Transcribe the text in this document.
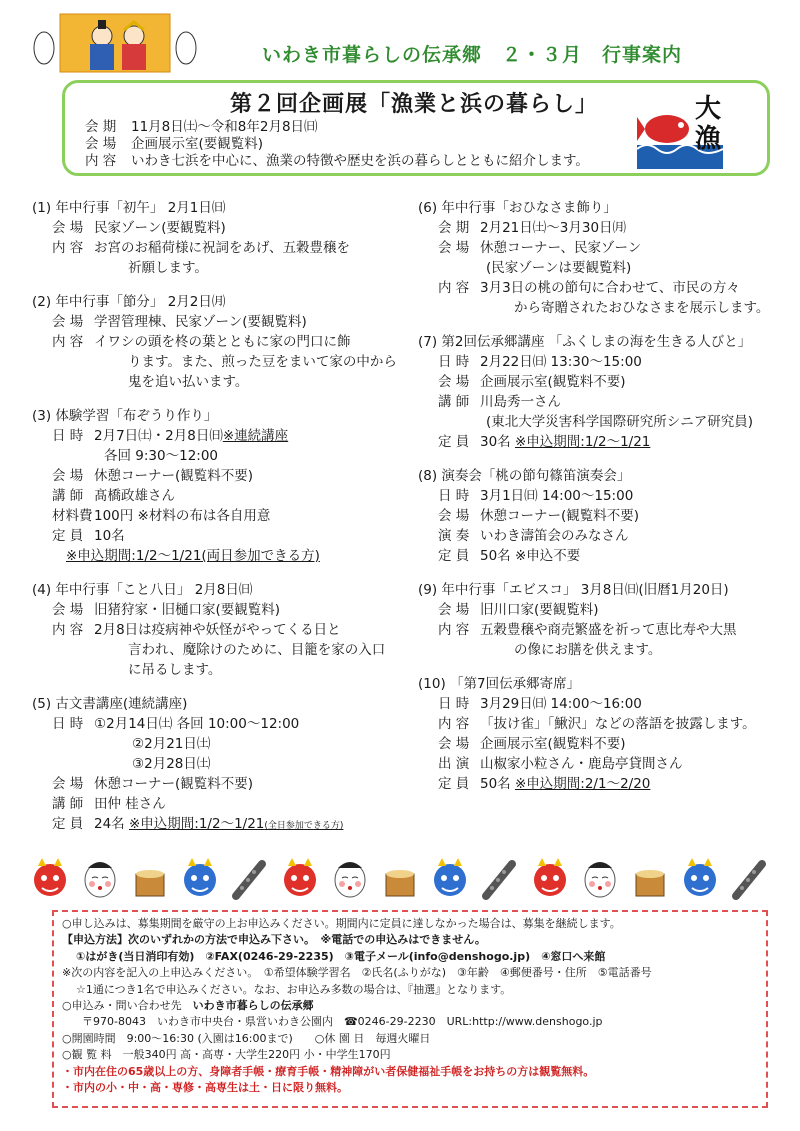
いわき市暮らしの伝承郷　２・３月　行事案内
第２回企画展「漁業と浜の暮らし」
会 期 11月8日㈯～令和8年2月8日㈰
会 場 企画展示室(要観覧料)
内 容 いわき七浜を中心に、漁業の特徴や歴史を浜の暮らしとともに紹介します。
大
漁
(1) 年中行事「初午」 2月1日㈰
会 場 民家ゾーン(要観覧料)
内 容 お宮のお稲荷様に祝詞をあげ、五穀豊穣を
祈願します。
(2) 年中行事「節分」 2月2日㈪
会 場 学習管理棟、民家ゾーン(要観覧料)
内 容 イワシの頭を柊の葉とともに家の門口に飾
ります。また、煎った豆をまいて家の中から
鬼を追い払います。
(3) 体験学習「布ぞうり作り」
日 時 2月7日㈯・2月8日㈰※連続講座
各回 9:30～12:00
会 場 休憩コーナー(観覧料不要)
講 師 髙橋政雄さん
材料費 100円 ※材料の布は各自用意
定 員 10名
※申込期間:1/2～1/21(両日参加できる方)
(4) 年中行事「こと八日」 2月8日㈰
会 場 旧猪狩家・旧樋口家(要観覧料)
内 容 2月8日は疫病神や妖怪がやってくる日と
言われ、魔除けのために、目籠を家の入口
に吊るします。
(5) 古文書講座(連続講座)
日 時 ①2月14日㈯ 各回 10:00～12:00
②2月21日㈯
③2月28日㈯
会 場 休憩コーナー(観覧料不要)
講 師 田仲 桂さん
定 員 24名 ※申込期間:1/2～1/21(全日参加できる方)
(6) 年中行事「おひなさま飾り」
会 期 2月21日㈯～3月30日㈪
会 場 休憩コーナー、民家ゾーン
(民家ゾーンは要観覧料)
内 容 3月3日の桃の節句に合わせて、市民の方々
から寄贈されたおひなさまを展示します。
(7) 第2回伝承郷講座 「ふくしまの海を生きる人びと」
日 時 2月22日㈰ 13:30～15:00
会 場 企画展示室(観覧料不要)
講 師 川島秀一さん
(東北大学災害科学国際研究所シニア研究員)
定 員 30名 ※申込期間:1/2～1/21
(8) 演奏会「桃の節句篠笛演奏会」
日 時 3月1日㈰ 14:00～15:00
会 場 休憩コーナー(観覧料不要)
演 奏 いわき濤笛会のみなさん
定 員 50名 ※申込不要
(9) 年中行事「エビスコ」 3月8日㈰(旧暦1月20日)
会 場 旧川口家(要観覧料)
内 容 五穀豊穣や商売繁盛を祈って恵比寿や大黒
の像にお膳を供えます。
(10) 「第7回伝承郷寄席」
日 時 3月29日㈰ 14:00～16:00
内 容 「抜け雀」「鰍沢」などの落語を披露します。
会 場 企画展示室(観覧料不要)
出 演 山椒家小粒さん・鹿島亭貸間さん
定 員 50名 ※申込期間:2/1～2/20
○申し込みは、募集期間を厳守の上お申込みください。期間内に定員に達しなかった場合は、募集を継続します。
【申込方法】次のいずれかの方法で申込み下さい。　※電話での申込みはできません。
①はがき(当日消印有効)　②FAX(0246-29-2235)　③電子メール(info@denshogo.jp)　④窓口へ来館
※次の内容を記入の上申込みください。　①希望体験学習名　②氏名(ふりがな)　③年齢　④郵便番号・住所　⑤電話番号
☆1通につき1名で申込みください。なお、お申込み多数の場合は、『抽選』となります。
○申込み・問い合わせ先　いわき市暮らしの伝承郷
〒970-8043　いわき市中央台・県営いわき公園内　☎0246-29-2230　URL:http://www.denshogo.jp
○開園時間　9:00～16:30 (入園は16:00まで)　　○休 園 日　毎週火曜日
○観 覧 料　一般340円 高・高専・大学生220円 小・中学生170円
・市内在住の65歳以上の方、身障者手帳・療育手帳・精神障がい者保健福祉手帳をお持ちの方は観覧無料。
・市内の小・中・高・専修・高専生は土・日に限り無料。
